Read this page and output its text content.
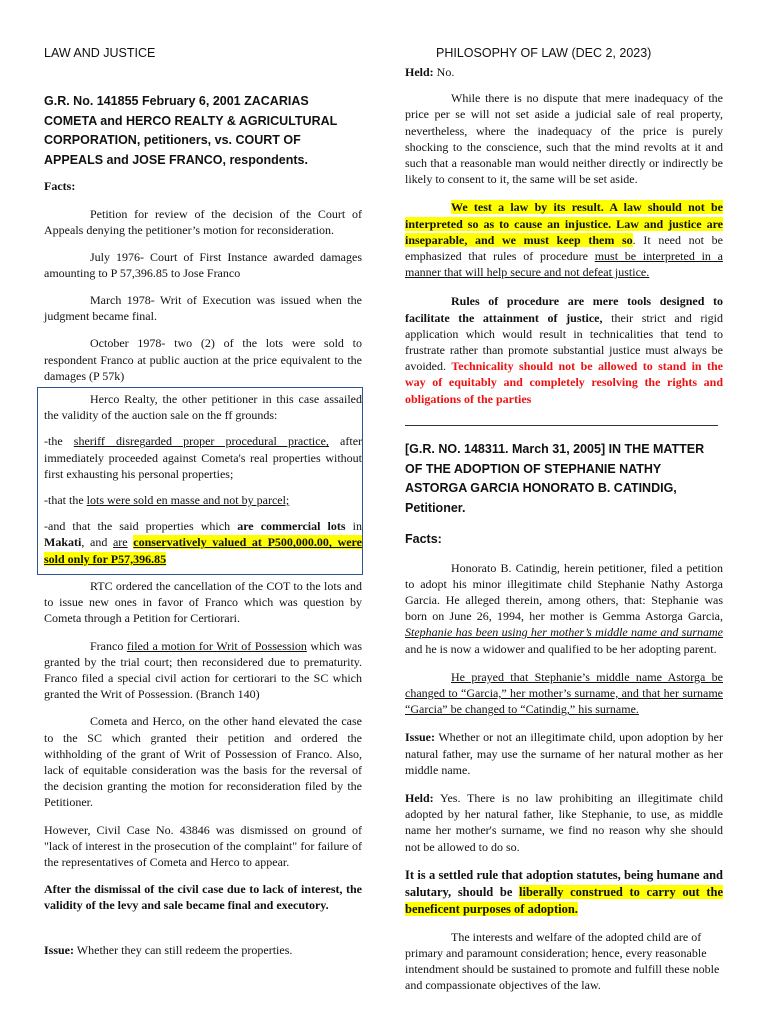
LAW AND JUSTICE	PHILOSOPHY OF LAW (DEC 2, 2023)

G.R. No. 141855 February 6, 2001 ZACARIAS COMETA and HERCO REALTY & AGRICULTURAL CORPORATION, petitioners, vs. COURT OF APPEALS and JOSE FRANCO, respondents.

Facts:

Petition for review of the decision of the Court of Appeals denying the petitioner’s motion for reconsideration.

July 1976- Court of First Instance awarded damages amounting to P 57,396.85 to Jose Franco

March 1978- Writ of Execution was issued when the judgment became final.

October 1978- two (2) of the lots were sold to respondent Franco at public auction at the price equivalent to the damages (P 57k)

Herco Realty, the other petitioner in this case assailed the validity of the auction sale on the ff grounds:

-the sheriff disregarded proper procedural practice, after immediately proceeded against Cometa's real properties without first exhausting his personal properties;

-that the lots were sold en masse and not by parcel;

-and that the said properties which are commercial lots in Makati, and are conservatively valued at P500,000.00, were sold only for P57,396.85

RTC ordered the cancellation of the COT to the lots and to issue new ones in favor of Franco which was question by Cometa through a Petition for Certiorari.

Franco filed a motion for Writ of Possession which was granted by the trial court; then reconsidered due to prematurity. Franco filed a special civil action for certiorari to the SC which granted the Writ of Possession. (Branch 140)

Cometa and Herco, on the other hand elevated the case to the SC which granted their petition and ordered the withholding of the grant of Writ of Possession of Franco. Also, lack of equitable consideration was the basis for the reversal of the decision granting the motion for reconsideration filed by the Petitioner.

However, Civil Case No. 43846 was dismissed on ground of "lack of interest in the prosecution of the complaint" for failure of the representatives of Cometa and Herco to appear.

After the dismissal of the civil case due to lack of interest, the validity of the levy and sale became final and executory.

Issue: Whether they can still redeem the properties.

Held: No.

While there is no dispute that mere inadequacy of the price per se will not set aside a judicial sale of real property, nevertheless, where the inadequacy of the price is purely shocking to the conscience, such that the mind revolts at it and such that a reasonable man would neither directly or indirectly be likely to consent to it, the same will be set aside.

We test a law by its result. A law should not be interpreted so as to cause an injustice. Law and justice are inseparable, and we must keep them so. It need not be emphasized that rules of procedure must be interpreted in a manner that will help secure and not defeat justice.

Rules of procedure are mere tools designed to facilitate the attainment of justice, their strict and rigid application which would result in technicalities that tend to frustrate rather than promote substantial justice must always be avoided. Technicality should not be allowed to stand in the way of equitably and completely resolving the rights and obligations of the parties

[G.R. NO. 148311. March 31, 2005] IN THE MATTER OF THE ADOPTION OF STEPHANIE NATHY ASTORGA GARCIA HONORATO B. CATINDIG, Petitioner.

Facts:

Honorato B. Catindig, herein petitioner, filed a petition to adopt his minor illegitimate child Stephanie Nathy Astorga Garcia. He alleged therein, among others, that: Stephanie was born on June 26, 1994, her mother is Gemma Astorga Garcia, Stephanie has been using her mother’s middle name and surname and he is now a widower and qualified to be her adopting parent.

He prayed that Stephanie’s middle name Astorga be changed to “Garcia,” her mother’s surname, and that her surname “Garcia” be changed to “Catindig,” his surname.

Issue: Whether or not an illegitimate child, upon adoption by her natural father, may use the surname of her natural mother as her middle name.

Held: Yes. There is no law prohibiting an illegitimate child adopted by her natural father, like Stephanie, to use, as middle name her mother's surname, we find no reason why she should not be allowed to do so.

It is a settled rule that adoption statutes, being humane and salutary, should be liberally construed to carry out the beneficent purposes of adoption.

The interests and welfare of the adopted child are of primary and paramount consideration; hence, every reasonable intendment should be sustained to promote and fulfill these noble and compassionate objectives of the law.
